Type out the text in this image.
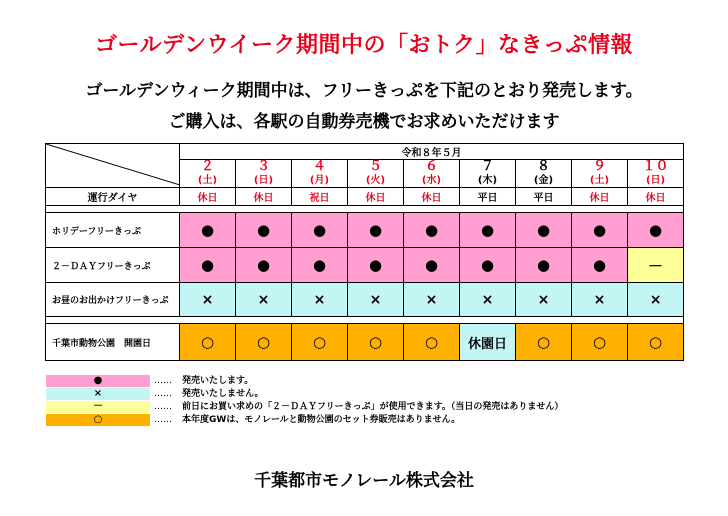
ゴールデンウイーク期間中の「おトク」なきっぷ情報
ゴールデンウィーク期間中は、フリーきっぷを下記のとおり発売します。
ご購入は、各駅の自動券売機でお求めいただけます
	令和８年５月								
	２	３	４	５	６	７	８	９	１０
	(土)	(日)	(月)	(火)	(水)	(木)	(金)	(土)	(日)
運行ダイヤ	休日	休日	祝日	休日	休日	平日	平日	休日	休日

ホリデーフリーきっぷ	●	●	●	●	●	●	●	●	●
２－ＤＡＹフリーきっぷ	●	●	●	●	●	●	●	●	－
お昼のお出かけフリーきっぷ	×	×	×	×	×	×	×	×	×

千葉市動物公園　開園日	○	○	○	○	○	休園日	○	○	○
●	…… 発売いたします。
×	…… 発売いたしません。
－	…… 前日にお買い求めの「２－ＤＡＹフリーきっぷ」が使用できます。（当日の発売はありません）
○	…… 本年度GWは、モノレールと動物公園のセット券販売はありません。
千葉都市モノレール株式会社
